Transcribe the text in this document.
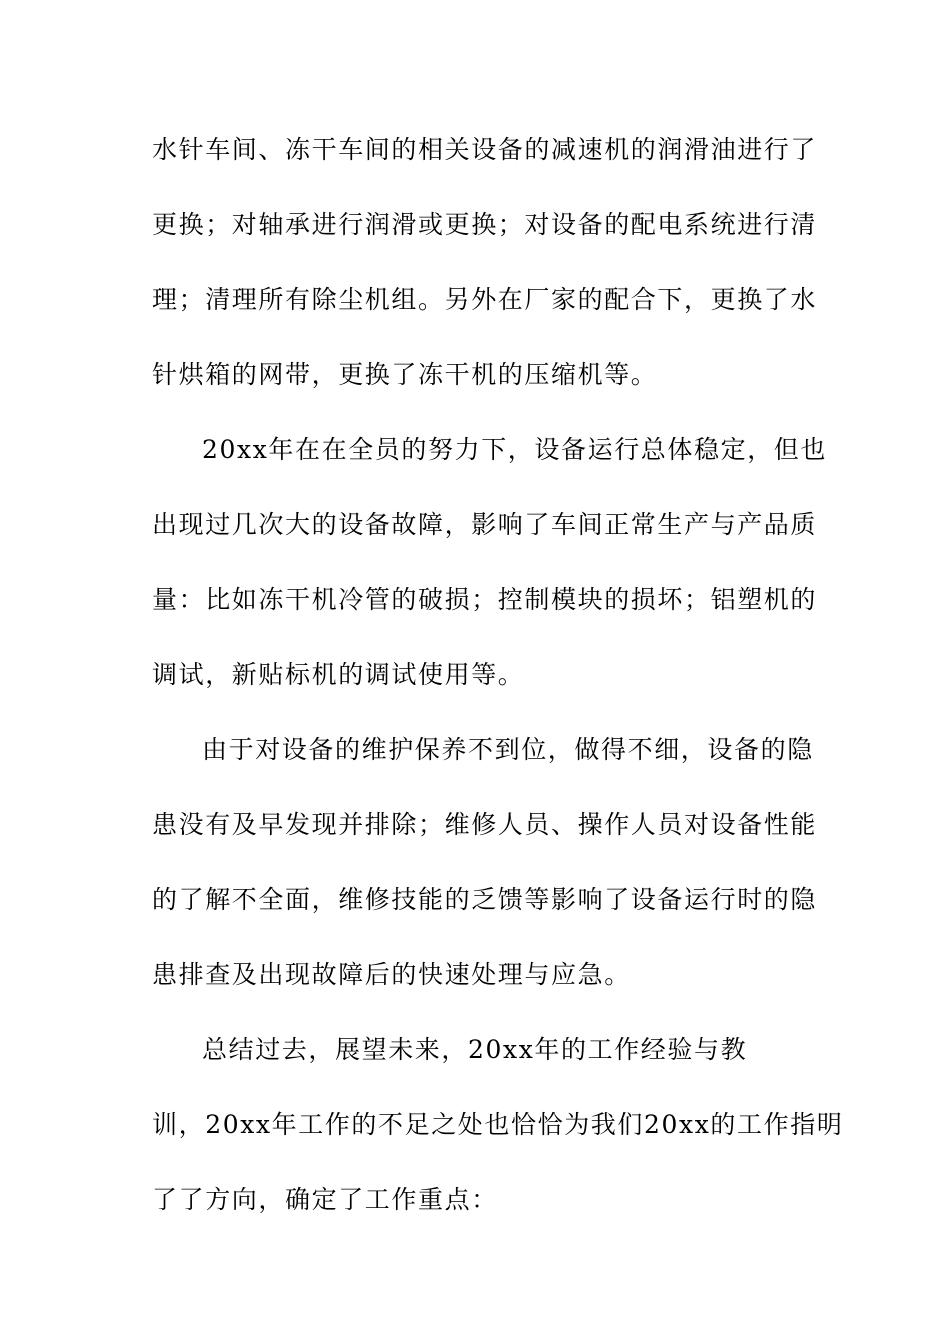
水针车间、冻干车间的相关设备的减速机的润滑油进行了
更换；对轴承进行润滑或更换；对设备的配电系统进行清
理；清理所有除尘机组。另外在厂家的配合下，更换了水
针烘箱的网带，更换了冻干机的压缩机等。
20xx年在在全员的努力下，设备运行总体稳定，但也
出现过几次大的设备故障，影响了车间正常生产与产品质
量：比如冻干机冷管的破损；控制模块的损坏；铝塑机的
调试，新贴标机的调试使用等。
由于对设备的维护保养不到位，做得不细，设备的隐
患没有及早发现并排除；维修人员、操作人员对设备性能
的了解不全面，维修技能的乏馈等影响了设备运行时的隐
患排查及出现故障后的快速处理与应急。
总结过去，展望未来，20xx年的工作经验与教
训，20xx年工作的不足之处也恰恰为我们20xx的工作指明
了了方向，确定了工作重点：
